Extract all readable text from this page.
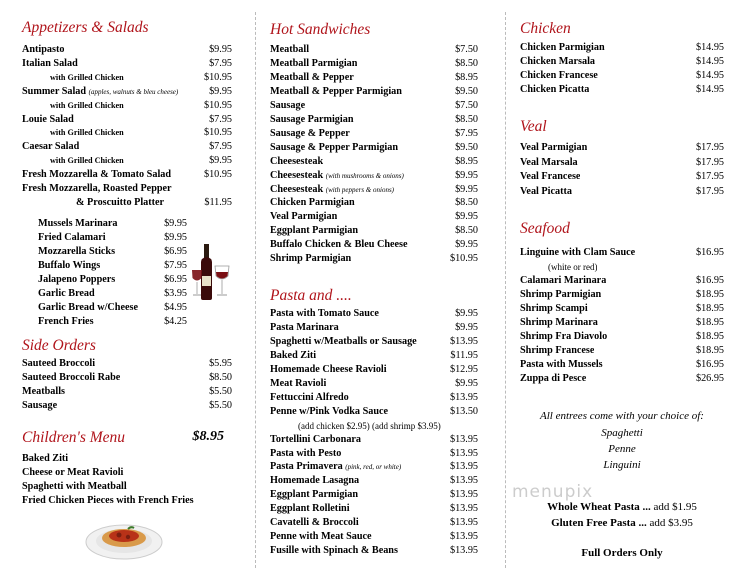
Appetizers & Salads
Antipasto	$9.95
Italian Salad	$7.95
with Grilled Chicken	$10.95
Summer Salad (apples, walnuts & bleu cheese)	$9.95
with Grilled Chicken	$10.95
Louie Salad	$7.95
with Grilled Chicken	$10.95
Caesar Salad	$7.95
with Grilled Chicken	$9.95
Fresh Mozzarella & Tomato Salad	$10.95
Fresh Mozzarella, Roasted Pepper
& Proscuitto Platter	$11.95
Mussels Marinara	$9.95
Fried Calamari	$9.95
Mozzarella Sticks	$6.95
Buffalo Wings	$7.95
Jalapeno Poppers	$6.95
Garlic Bread	$3.95
Garlic Bread w/Cheese	$4.95
French Fries	$4.25
Side Orders
Sauteed Broccoli	$5.95
Sauteed Broccoli Rabe	$8.50
Meatballs	$5.50
Sausage	$5.50
Children's Menu	$8.95
Baked Ziti
Cheese or Meat Ravioli
Spaghetti with Meatball
Fried Chicken Pieces with French Fries
Hot Sandwiches
Meatball	$7.50
Meatball Parmigian	$8.50
Meatball & Pepper	$8.95
Meatball & Pepper Parmigian	$9.50
Sausage	$7.50
Sausage Parmigian	$8.50
Sausage & Pepper	$7.95
Sausage & Pepper Parmigian	$9.50
Cheesesteak	$8.95
Cheesesteak (with mushrooms & onions)	$9.95
Cheesesteak (with peppers & onions)	$9.95
Chicken Parmigian	$8.50
Veal Parmigian	$9.95
Eggplant Parmigian	$8.50
Buffalo Chicken & Bleu Cheese	$9.95
Shrimp Parmigian	$10.95
Pasta and ....
Pasta with Tomato Sauce	$9.95
Pasta Marinara	$9.95
Spaghetti w/Meatballs or Sausage	$13.95
Baked Ziti	$11.95
Homemade Cheese Ravioli	$12.95
Meat Ravioli	$9.95
Fettuccini Alfredo	$13.95
Penne w/Pink Vodka Sauce	$13.50
(add chicken $2.95) (add shrimp $3.95)
Tortellini Carbonara	$13.95
Pasta with Pesto	$13.95
Pasta Primavera (pink, red, or white)	$13.95
Homemade Lasagna	$13.95
Eggplant Parmigian	$13.95
Eggplant Rolletini	$13.95
Cavatelli & Broccoli	$13.95
Penne with Meat Sauce	$13.95
Fusille with Spinach & Beans	$13.95
Chicken
Chicken Parmigian	$14.95
Chicken Marsala	$14.95
Chicken Francese	$14.95
Chicken Picatta	$14.95
Veal
Veal Parmigian	$17.95
Veal Marsala	$17.95
Veal Francese	$17.95
Veal Picatta	$17.95
Seafood
Linguine with Clam Sauce	$16.95
(white or red)
Calamari Marinara	$16.95
Shrimp Parmigian	$18.95
Shrimp Scampi	$18.95
Shrimp Marinara	$18.95
Shrimp Fra Diavolo	$18.95
Shrimp Francese	$18.95
Pasta with Mussels	$16.95
Zuppa di Pesce	$26.95
All entrees come with your choice of:
Spaghetti
Penne
Linguini
menupix
Whole Wheat Pasta ... add $1.95
Gluten Free Pasta ... add $3.95
Full Orders Only
